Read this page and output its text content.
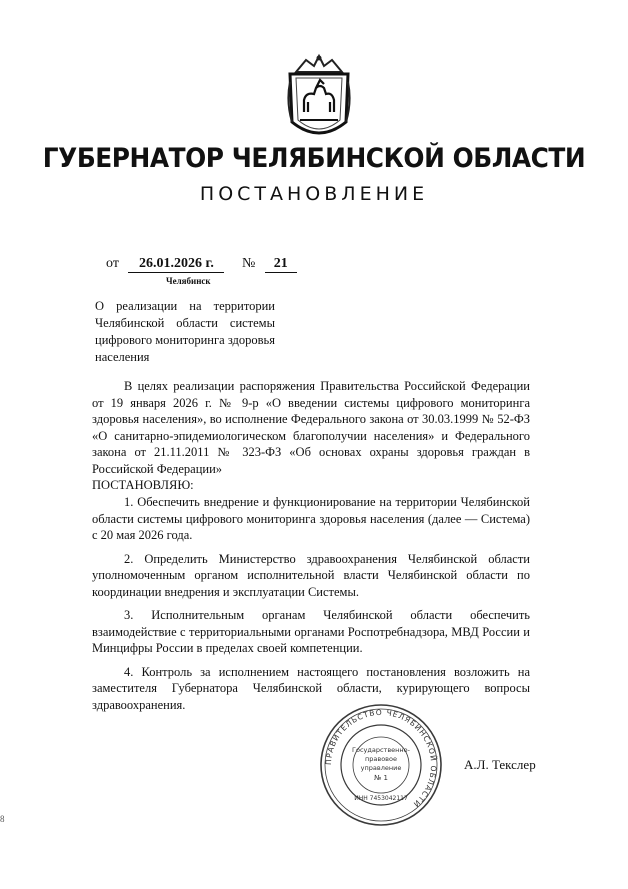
ГУБЕРНАТОР ЧЕЛЯБИНСКОЙ ОБЛАСТИ
ПОСТАНОВЛЕНИЕ
от 26.01.2026 г. № 21
Челябинск
О реализации на территории Челябинской области системы цифрового мониторинга здоровья населения
В целях реализации распоряжения Правительства Российской Федерации от 19 января 2026 г. № 9-р «О введении системы цифрового мониторинга здоровья населения», во исполнение Федерального закона от 30.03.1999 № 52-ФЗ «О санитарно-эпидемиологическом благополучии населения» и Федерального закона от 21.11.2011 № 323-ФЗ «Об основах охраны здоровья граждан в Российской Федерации»
ПОСТАНОВЛЯЮ:
1. Обеспечить внедрение и функционирование на территории Челябинской области системы цифрового мониторинга здоровья населения (далее — Система) с 20 мая 2026 года.
2. Определить Министерство здравоохранения Челябинской области уполномоченным органом исполнительной власти Челябинской области по координации внедрения и эксплуатации Системы.
3. Исполнительным органам Челябинской области обеспечить взаимодействие с территориальными органами Роспотребнадзора, МВД России и Минцифры России в пределах своей компетенции.
4. Контроль за исполнением настоящего постановления возложить на заместителя Губернатора Челябинской области, курирующего вопросы здравоохранения.
ПРАВИТЕЛЬСТВО ЧЕЛЯБИНСКОЙ ОБЛАСТИ
Государственно-
правовое
управление
№ 1
ИНН 7453042117
А.Л. Текслер
8
